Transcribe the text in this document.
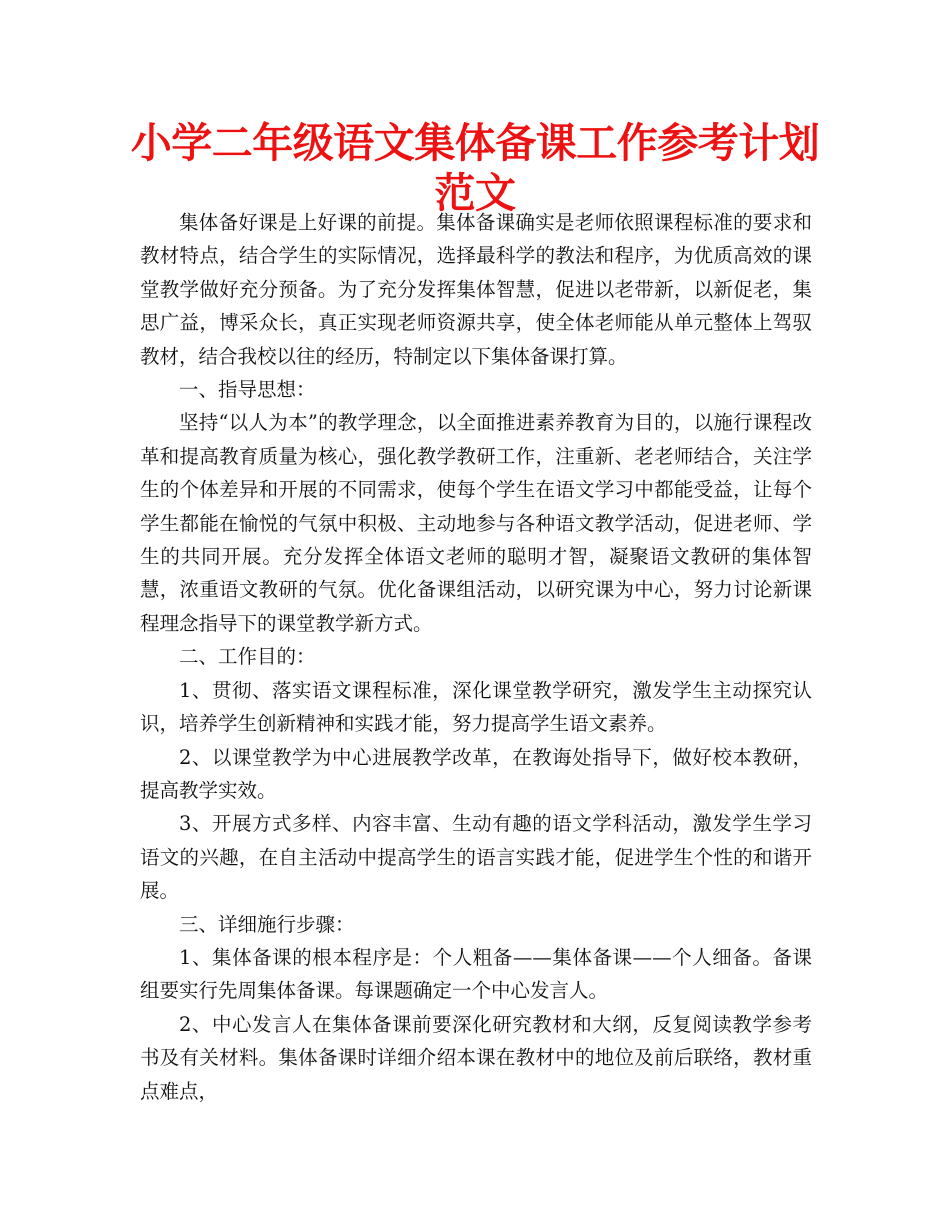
小学二年级语文集体备课工作参考计划范文

集体备好课是上好课的前提。集体备课确实是老师依照课程标准的要求和教材特点，结合学生的实际情况，选择最科学的教法和程序，为优质高效的课堂教学做好充分预备。为了充分发挥集体智慧，促进以老带新，以新促老，集思广益，博采众长，真正实现老师资源共享，使全体老师能从单元整体上驾驭教材，结合我校以往的经历，特制定以下集体备课打算。

一、指导思想：

坚持“以人为本”的教学理念，以全面推进素养教育为目的，以施行课程改革和提高教育质量为核心，强化教学教研工作，注重新、老老师结合，关注学生的个体差异和开展的不同需求，使每个学生在语文学习中都能受益，让每个学生都能在愉悦的气氛中积极、主动地参与各种语文教学活动，促进老师、学生的共同开展。充分发挥全体语文老师的聪明才智，凝聚语文教研的集体智慧，浓重语文教研的气氛。优化备课组活动，以研究课为中心，努力讨论新课程理念指导下的课堂教学新方式。

二、工作目的：

1、贯彻、落实语文课程标准，深化课堂教学研究，激发学生主动探究认识，培养学生创新精神和实践才能，努力提高学生语文素养。

2、以课堂教学为中心进展教学改革，在教诲处指导下，做好校本教研，提高教学实效。

3、开展方式多样、内容丰富、生动有趣的语文学科活动，激发学生学习语文的兴趣，在自主活动中提高学生的语言实践才能，促进学生个性的和谐开展。

三、详细施行步骤：

1、集体备课的根本程序是：个人粗备——集体备课——个人细备。备课组要实行先周集体备课。每课题确定一个中心发言人。

2、中心发言人在集体备课前要深化研究教材和大纲，反复阅读教学参考书及有关材料。集体备课时详细介绍本课在教材中的地位及前后联络，教材重点难点，
